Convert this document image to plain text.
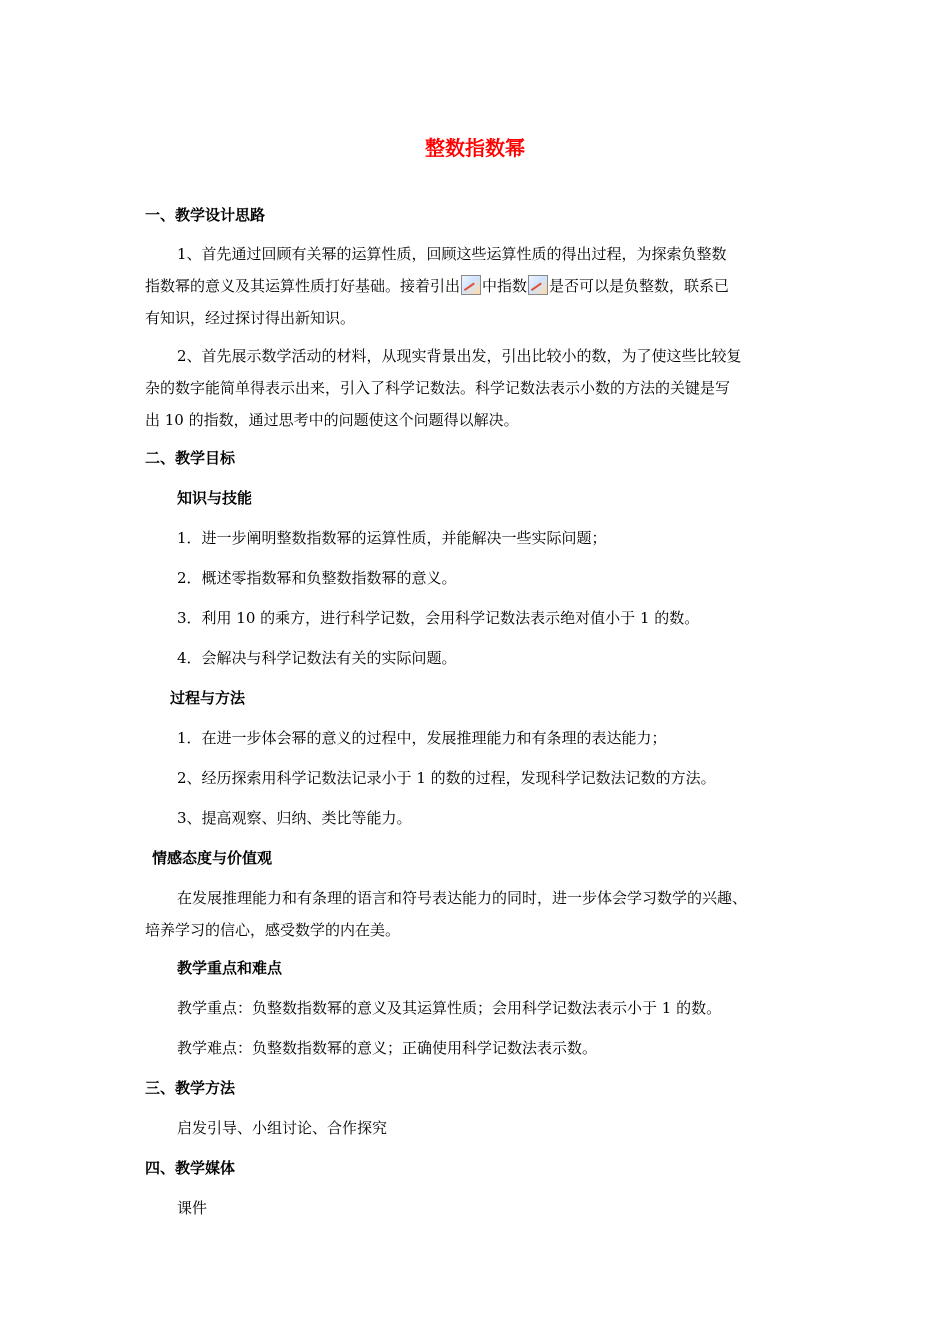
整数指数幂
一、教学设计思路
1、首先通过回顾有关幂的运算性质，回顾这些运算性质的得出过程，为探索负整数
指数幂的意义及其运算性质打好基础。接着引出 中指数 是否可以是负整数，联系已
有知识，经过探讨得出新知识。
2、首先展示数学活动的材料，从现实背景出发，引出比较小的数，为了使这些比较复
杂的数字能简单得表示出来，引入了科学记数法。科学记数法表示小数的方法的关键是写
出 10 的指数，通过思考中的问题使这个问题得以解决。
二、教学目标
知识与技能
1．进一步阐明整数指数幂的运算性质，并能解决一些实际问题；
2．概述零指数幂和负整数指数幂的意义。
3．利用 10 的乘方，进行科学记数，会用科学记数法表示绝对值小于 1 的数。
4．会解决与科学记数法有关的实际问题。
过程与方法
1．在进一步体会幂的意义的过程中，发展推理能力和有条理的表达能力；
2、经历探索用科学记数法记录小于 1 的数的过程，发现科学记数法记数的方法。
3、提高观察、归纳、类比等能力。
情感态度与价值观
在发展推理能力和有条理的语言和符号表达能力的同时，进一步体会学习数学的兴趣、
培养学习的信心，感受数学的内在美。
教学重点和难点
教学重点：负整数指数幂的意义及其运算性质；会用科学记数法表示小于 1 的数。
教学难点：负整数指数幂的意义；正确使用科学记数法表示数。
三、教学方法
启发引导、小组讨论、合作探究
四、教学媒体
课件
